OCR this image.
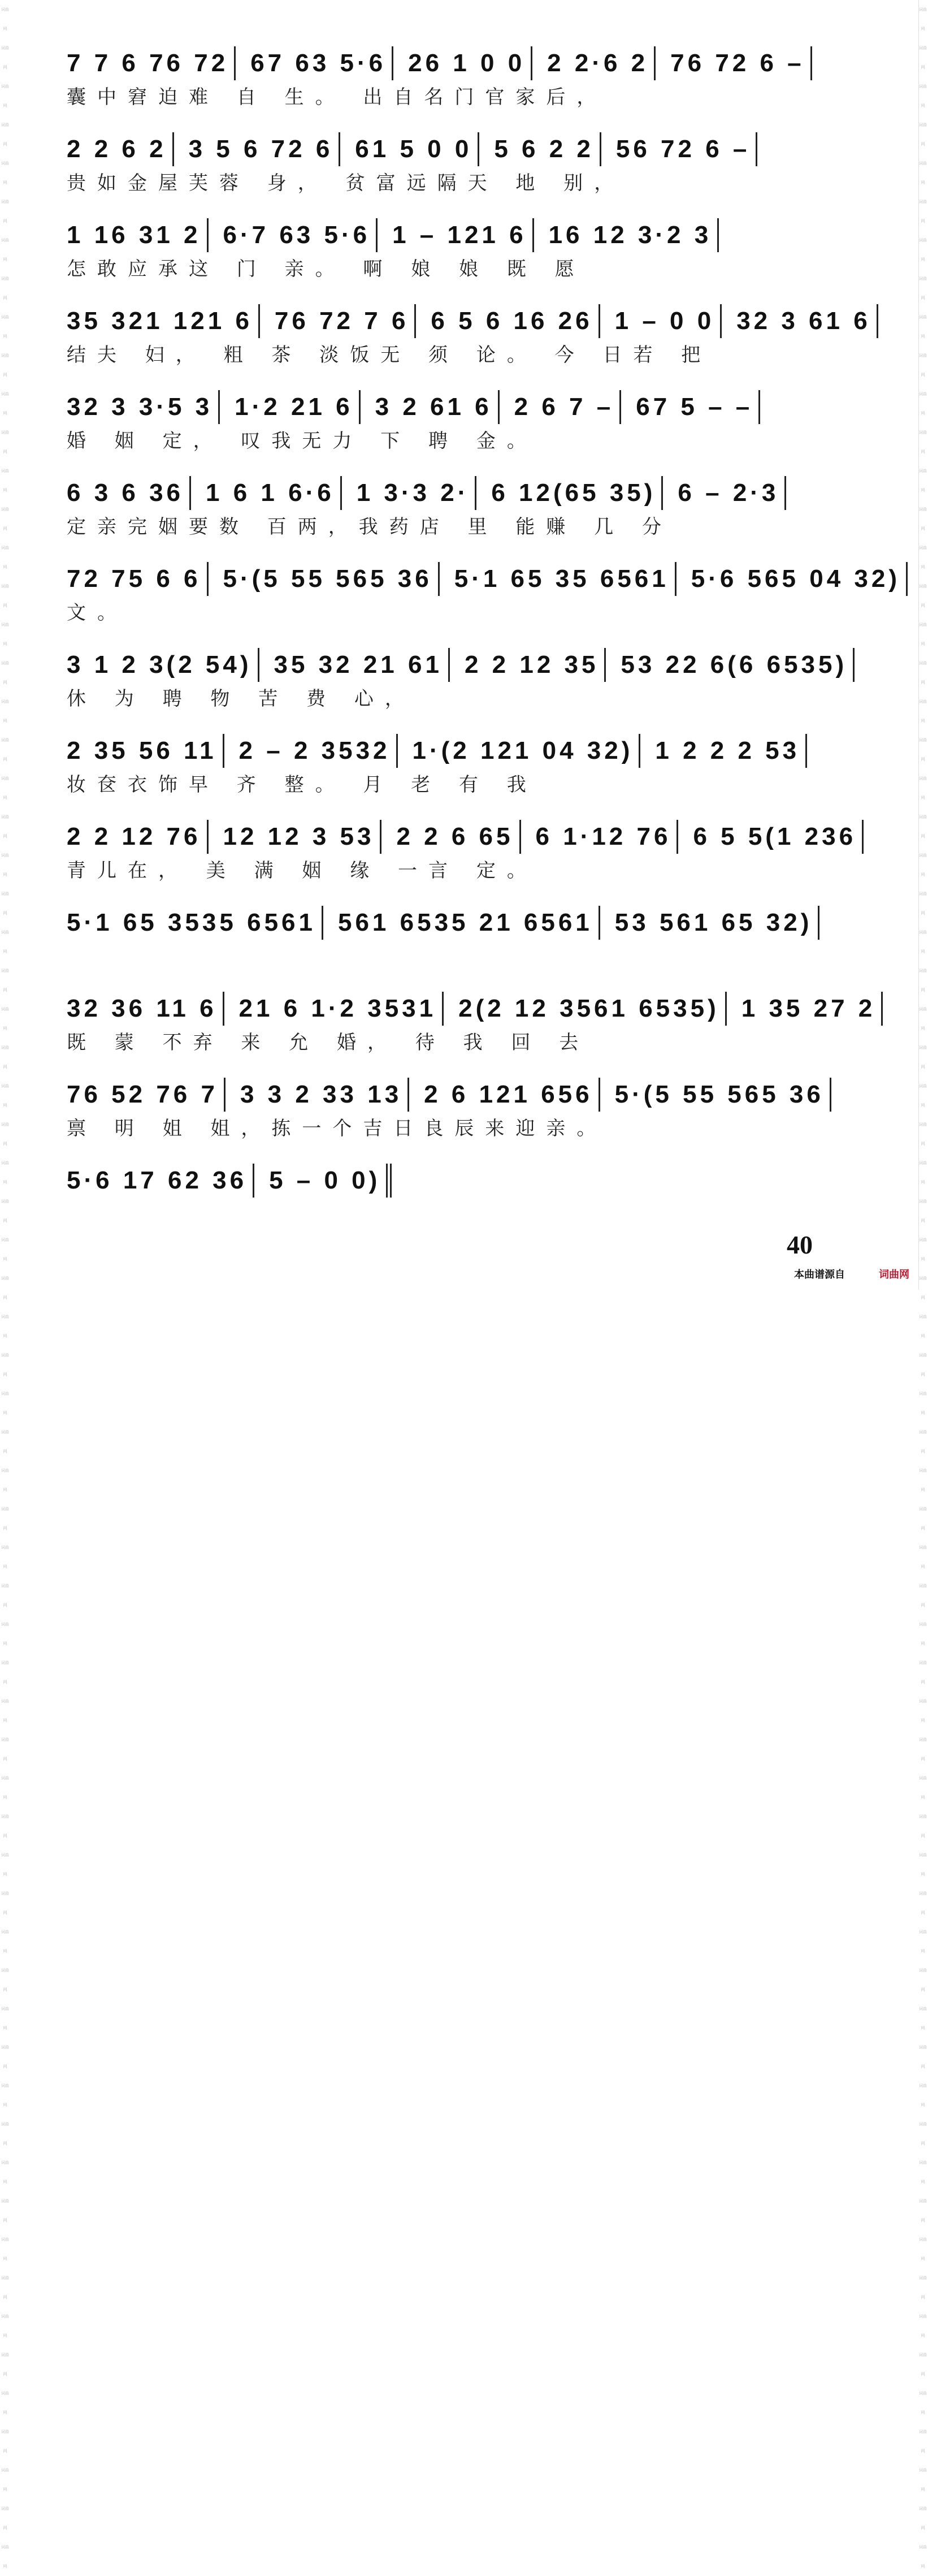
词曲网
词曲网
词曲网
词曲网
词曲网
词曲网
词曲网
词曲网
词曲网
词曲网
词曲网
词曲网
词曲网
词曲网
词曲网
词曲网
词曲网
词曲网
词曲网
词曲网
词曲网
词曲网
词曲网
词曲网
词曲网
词曲网
词曲网
词曲网
词曲网
词曲网
词曲网
词曲网
词曲网
词曲网
词曲网
词曲网
词曲网
词曲网
词曲网
词曲网
词曲网
词曲网
词曲网
词曲网
词曲网
词曲网
词曲网
词曲网
词曲网
词曲网
词曲网
词曲网
词曲网
词曲网
词曲网
词曲网
词曲网
词曲网
词曲网
词曲网
词曲网
词曲网
词曲网
词曲网
词曲网
词曲网
词曲网
词曲网
词曲网
词曲网
词曲网
词曲网
词曲网
词曲网
词曲网
词曲网
词曲网
词曲网
词曲网
词曲网
词曲网
词曲网
词曲网
词曲网
词曲网
词曲网
词曲网
词曲网
词曲网
词曲网
词曲网
词曲网
词曲网
词曲网
词曲网
词曲网
词曲网
词曲网
词曲网
词曲网
词曲网
词曲网
词曲网
词曲网
词曲网
词曲网
词曲网
词曲网
词曲网
词曲网
词曲网
词曲网
词曲网
词曲网
词曲网
词曲网
词曲网
词曲网
词曲网
词曲网
词曲网
词曲网
词曲网
词曲网
词曲网
词曲网
词曲网
词曲网
词曲网
词曲网
词曲网
词曲网
词曲网
词曲网
7 7 6 76 72 67 63 5·6 26 1 0 0 2 2·6 2 76 72 6 –
囊中窘迫难 自 生。 出自名门官家后，
2 2 6 2 3 5 6 72 6 61 5 0 0 5 6 2 2 56 72 6 –
贵如金屋芙蓉 身， 贫富远隔天 地 别，
1 16 31 2 6·7 63 5·6 1 – 121 6 16 12 3·2 3
怎敢应承这 门 亲。 啊 娘 娘 既 愿
35 321 121 6 76 72 7 6 6 5 6 16 26 1 – 0 0 32 3 61 6
结夫 妇， 粗 茶 淡饭无 须 论。 今 日若 把
32 3 3·5 3 1·2 21 6 3 2 61 6 2 6 7 – 67 5 – –
婚 姻 定， 叹我无力 下 聘 金。
6 3 6 36 1 6 1 6·6 1 3·3 2· 6 12(65 35) 6 – 2·3
定亲完姻要数 百两，我药店 里 能赚 几 分
72 75 6 6 5·(5 55 565 36 5·1 65 35 6561 5·6 565 04 32)
文。
3 1 2 3(2 54) 35 32 21 61 2 2 12 35 53 22 6(6 6535)
休 为 聘 物 苦 费 心，
2 35 56 11 2 – 2 3532 1·(2 121 04 32) 1 2 2 2 53
妆奁衣饰早 齐 整。 月 老 有 我
2 2 12 76 12 12 3 53 2 2 6 65 6 1·12 76 6 5 5(1 236
青儿在， 美 满 姻 缘 一言 定。
5·1 65 3535 6561 561 6535 21 6561 53 561 65 32)
32 36 11 6 21 6 1·2 3531 2(2 12 3561 6535) 1 35 27 2
既 蒙 不弃 来 允 婚， 待 我 回 去
76 52 76 7 3 3 2 33 13 2 6 121 656 5·(5 55 565 36
禀 明 姐 姐，拣一个吉日良辰来迎亲。
5·6 17 62 36 5 – 0 0)
40
本曲谱源自	词曲网
